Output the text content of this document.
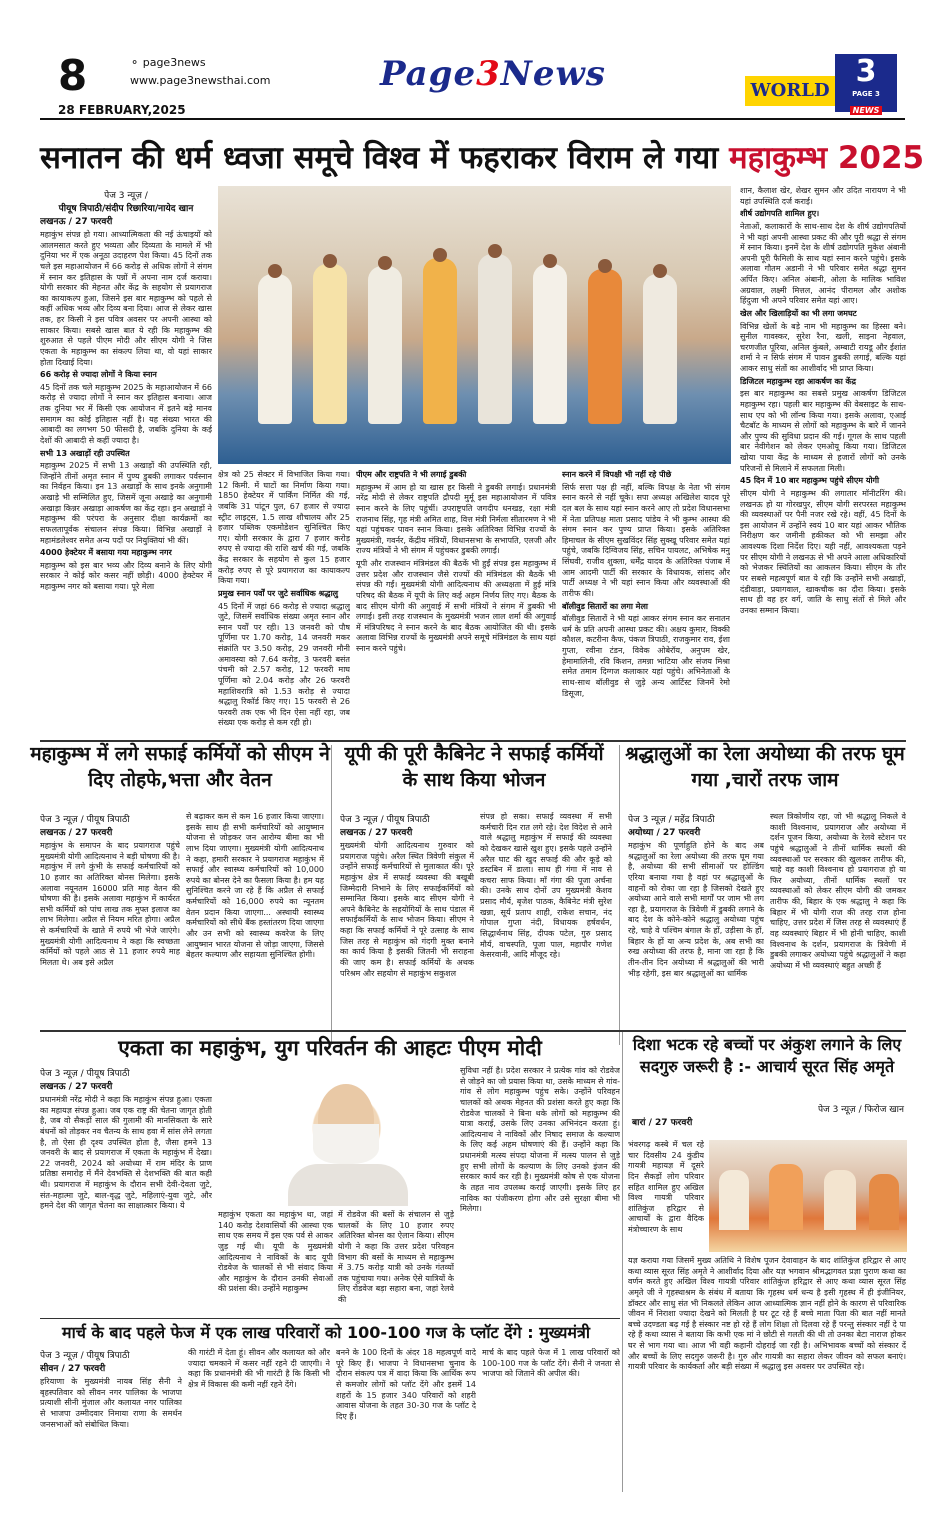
8	⚬ page3news
www.page3newsthai.com
28 FEBRUARY,2025
Page3News	WORLD
3
PAGE 3
NEWS
सनातन की धर्म ध्वजा समूचे विश्व में फहराकर विराम ले गया महाकुम्भ 2025
पेज 3 न्यूज़ /
पीयूष त्रिपाठी/संदीप रिछारिया/नायेद खान
लखनऊ / 27 फरवरी

महाकुंभ संपन्न हो गया। आध्यात्मिकता की नई ऊंचाइयों को आलमसात करते हुए भव्यता और दिव्यता के मामले में भी दुनिया भर में एक अनूठा उदाहरण पेश किया। 45 दिनों तक चले इस महाआयोजन में 66 करोड़ से अधिक लोगों ने संगम में स्नान कर इतिहास के पन्नों में अपना नाम दर्ज कराया। योगी सरकार की मेहनत और केंद्र के सहयोग से प्रयागराज का कायाकल्प हुआ, जिसने इस बार महाकुम्भ को पहले से कहीं अधिक भव्य और दिव्य बना दिया। आज से लेकर खास तक, हर किसी ने इस पवित्र अवसर पर अपनी आस्था को साकार किया। सबसे खास बात ये रही कि महाकुम्भ की शुरुआत से पहले पीएम मोदी और सीएम योगी ने जिस एकता के महाकुम्भ का संकल्प लिया था, वो यहां साकार होता दिखाई दिया।

66 करोड़ से ज्यादा लोगों ने किया स्नान

45 दिनों तक चले महाकुम्भ 2025 के महाआयोजन में 66 करोड़ से ज्यादा लोगों ने स्नान कर इतिहास बनाया। आज तक दुनिया भर में किसी एक आयोजन में इतने बड़े मानव समागम का कोई इतिहास नहीं है। यह संख्या भारत की आबादी का लगभग 50 फीसदी है, जबकि दुनिया के कई देशों की आबादी से कहीं ज्यादा है।

सभी 13 अखाड़ों रही उपस्थित

महाकुम्भ 2025 में सभी 13 अखाड़ों की उपस्थिति रही, जिन्होंने तीनों अमृत स्नान में पुण्य डुबकी लगाकर पर्वस्नान का निर्वहन किया। इन 13 अखाड़ों के साथ इनके अनुगामी अखाड़े भी सम्मिलित हुए, जिसमें जूना अखाड़े का अनुगामी अखाड़ा किन्नर अखाड़ा आकर्षण का केंद्र रहा। इन अखाड़ों ने महाकुम्भ की परंपरा के अनुसार दीक्षा कार्यक्रमों का सफलतापूर्वक संचालन संपन्न किया। विभिन्न अखाड़ों ने महामंडलेश्वर समेत अन्य पदों पर नियुक्तियां भी कीं।

4000 हेक्टेयर में बसाया गया महाकुम्भ नगर

महाकुम्भ को इस बार भव्य और दिव्य बनाने के लिए योगी सरकार ने कोई कोर कसर नहीं छोड़ी। 4000 हेक्टेयर में महाकुम्भ नगर को बसाया गया। पूरे मेला

क्षेत्र को 25 सेक्टर में विभाजित किया गया। 12 किमी. में घाटों का निर्माण किया गया। 1850 हेक्टेयर में पार्किंग निर्मित की गई, जबकि 31 पांटून पुल, 67 हजार से ज्यादा स्ट्रीट लाइट्स, 1.5 लाख शौचालय और 25 हजार पब्लिक एकमोडेशन सुनिश्चित किए गए। योगी सरकार के द्वारा 7 हजार करोड़ रुपए से ज्यादा की राशि खर्च की गई, जबकि केंद्र सरकार के सहयोग से कुल 15 हजार करोड़ रुपए से पूरे प्रयागराज का कायाकल्प किया गया।

प्रमुख स्नान पर्वों पर जुटे सर्वाधिक श्रद्धालु

45 दिनों में जहां 66 करोड़ से ज्यादा श्रद्धालु जुटे, जिसमें सर्वाधिक संख्या अमृत स्नान और स्नान पर्वों पर रही। 13 जनवरी को पौष पूर्णिमा पर 1.70 करोड़, 14 जनवरी मकर संक्रांति पर 3.50 करोड़, 29 जनवरी मौनी अमावस्या को 7.64 करोड़, 3 फरवरी बसंत पंचमी को 2.57 करोड़, 12 फरवरी माघ पूर्णिमा को 2.04 करोड़ और 26 फरवरी महाशिवरात्रि को 1.53 करोड़ से ज्यादा श्रद्धालु रिकॉर्ड किए गए। 15 फरवरी से 26 फरवरी तक एक भी दिन ऐसा नहीं रहा, जब संख्या एक करोड़ से कम रही हो।

पीएम और राष्ट्रपति ने भी लगाई डुबकी

महाकुम्भ में आम हो या खास हर किसी ने डुबकी लगाई। प्रधानमंत्री नरेंद्र मोदी से लेकर राष्ट्रपति द्रौपदी मुर्मू इस महाआयोजन में पवित्र स्नान करने के लिए पहुंचीं। उपराष्ट्रपति जगदीप धनखड़, रक्षा मंत्री राजनाथ सिंह, गृह मंत्री अमित शाह, वित्त मंत्री निर्मला सीतारमण ने भी यहां पहुंचकर पावन स्नान किया। इसके अतिरिक्त विभिन्न राज्यों के मुख्यमंत्री, गवर्नर, केंद्रीय मंत्रियों, विधानसभा के सभापति, एलजी और राज्य मंत्रियों ने भी संगम में पहुंचकर डुबकी लगाई।

यूपी और राजस्थान मंत्रिमंडल की बैठकें भी हुईं संपन्न इस महाकुम्भ में उत्तर प्रदेश और राजस्थान जैसे राज्यों की मंत्रिमंडल की बैठकें भी संपन्न की गईं। मुख्यमंत्री योगी आदित्यनाथ की अध्यक्षता में हुई मंत्रि परिषद की बैठक में यूपी के लिए कई अहम निर्णय लिए गए। बैठक के बाद सीएम योगी की अगुवाई में सभी मंत्रियों ने संगम में डुबकी भी लगाई। इसी तरह राजस्थान के मुख्यमंत्री भजन लाल शर्मा की अगुवाई में मंत्रिपरिषद ने स्नान करने के बाद बैठक आयोजित की थी। इसके अलावा विभिन्न राज्यों के मुख्यमंत्री अपने समूचे मंत्रिमंडल के साथ यहां स्नान करने पहुंचे।

स्नान करने में विपक्षी भी नहीं रहे पीछे

सिर्फ सत्ता पक्ष ही नहीं, बल्कि विपक्ष के नेता भी संगम स्नान करने से नहीं चूके। सपा अध्यक्ष अखिलेश यादव पूरे दल बल के साथ यहां स्नान करने आए तो प्रदेश विधानसभा में नेता प्रतिपक्ष माता प्रसाद पांडेय ने भी कुम्भ आस्था की संगम स्नान कर पुण्य प्राप्त किया। इसके अतिरिक्त हिमाचल के सीएम सुखविंदर सिंह सुक्खू परिवार समेत यहां पहुंचे, जबकि दिग्विजय सिंह, सचिन पायलट, अभिषेक मनु सिंघवी, राजीव शुक्ला, धर्मेंद्र यादव के अतिरिक्त पंजाब में आम आदमी पार्टी की सरकार के विधायक, सांसद और पार्टी अध्यक्ष ने भी यहां स्नान किया और व्यवस्थाओं की तारीफ की।

बॉलीवुड सितारों का लगा मेला

बॉलीवुड सितारों ने भी यहां आकर संगम स्नान कर सनातन धर्म के प्रति अपनी आस्था प्रकट की। अक्षय कुमार, विक्की कौशल, कटरीना कैफ, पंकज त्रिपाठी, राजकुमार राव, ईशा गुप्ता, रवीना टंडन, विवेक ओबेरॉय, अनुपम खेर, हेमामालिनी, रवि किशन, तमन्ना भाटिया और संजय मिश्रा समेत तमाम दिग्गज कलाकार यहां पहुंचे। अभिनेताओं के साथ-साथ बॉलीवुड से जुड़े अन्य आर्टिस्ट जिनमें रेमो डिसूजा,

शान, कैलाश खेर, शेखर सुमन और उदित नारायण ने भी यहां उपस्थिति दर्ज कराई।

शीर्ष उद्योगपति शामिल हुए।

नेताओं, कलाकारों के साथ-साथ देश के शीर्ष उद्योगपतियों ने भी यहां अपनी आस्था प्रकट की और पूरी श्रद्धा से संगम में स्नान किया। इनमें देश के शीर्ष उद्योगपति मुकेश अंबानी अपनी पूरी फैमिली के साथ यहां स्नान करने पहुंचे। इसके अलावा गौतम अडानी ने भी परिवार समेत श्रद्धा सुमन अर्पित किए। अनिल अंबानी, ओला के मालिक भाविश अग्रवाल, लक्ष्मी मित्तल, आनंद पीरामल और अशोक हिंदुजा भी अपने परिवार समेत यहां आए।

खेल और खिलाड़ियों का भी लगा जमघट

विभिन्न खेलों के बड़े नाम भी महाकुम्भ का हिस्सा बने। सुनील गावस्कर, सुरेश रैना, खली, साइना नेहवाल, चरणजीत पूरिया, अनिल कुंबले, अम्बाटी रायडू और ईशांत शर्मा ने न सिर्फ संगम में पावन डुबकी लगाई, बल्कि यहां आकर साधु संतों का आशीर्वाद भी प्राप्त किया।

डिजिटल महाकुम्भ रहा आकर्षण का केंद्र

इस बार महाकुम्भ का सबसे प्रमुख आकर्षण डिजिटल महाकुम्भ रहा। पहली बार महाकुम्भ की वेबसाइट के साथ-साथ एप को भी लॉन्च किया गया। इसके अलावा, एआई चैटबॉट के माध्यम से लोगों को महाकुम्भ के बारे में जानने और पुण्य की सुविधा प्रदान की गई। गूगल के साथ पहली बार नेवीगेशन को लेकर एमओयू किया गया। डिजिटल खोया पाया केंद्र के माध्यम से हजारों लोगों को उनके परिजनों से मिलाने में सफलता मिली।

45 दिन में 10 बार महाकुम्भ पहुंचे सीएम योगी

सीएम योगी ने महाकुम्भ की लगातार मॉनीटरिंग की। लखनऊ हो या गोरखपुर, सीएम योगी सरपरस्त महाकुम्भ की व्यवस्थाओं पर पैनी नजर रखे रहे। वहीं, 45 दिनों के इस आयोजन में उन्होंने स्वयं 10 बार यहां आकर भौतिक निरीक्षण कर जमीनी हकीकत को भी समझा और आवश्यक दिशा निर्देश दिए। यही नहीं, आवश्यकता पड़ने पर सीएम योगी ने लखनऊ से भी अपने आला अधिकारियों को भेजकर स्थितियों का आकलन किया। सीएम के तौर पर सबसे महत्वपूर्ण बात ये रही कि उन्होंने सभी अखाड़ों, दंडीवाड़ा, प्रयागवाल, खाकचौक का दौरा किया। इसके साथ ही वह हर वर्ग, जाति के साधु संतों से मिले और उनका सम्मान किया।

महाकुम्भ में लगे सफाई कर्मियों को सीएम ने दिए तोहफे,भत्ता और वेतन
पेज 3 न्यूज़ / पीयूष त्रिपाठी
लखनऊ / 27 फरवरी

महाकुंभ के समापन के बाद प्रयागराज पहुंचे मुख्यमंत्री योगी आदित्यनाथ ने बड़ी घोषणा की है। महाकुंभ में लगे कुंभी के सफाई कर्मचारियों को 10 हजार का अतिरिक्त बोनस मिलेगा। इसके अलावा नयूनतम 16000 प्रति माह वेतन की घोषणा की है। इसके अलावा महाकुंभ में कार्यरत सभी कर्मियों को पांच लाख तक मुफ्त इलाज का लाभ मिलेगा। अप्रैल से नियम मरित होगा। अप्रैल से कर्मचारियों के खाते में रुपये भी भेजे जाएंगे। मुख्यमंत्री योगी आदित्यनाथ ने कहा कि स्वच्छता कर्मियों को पहले आठ से 11 हजार रुपये माह मिलता थे। अब इसे अप्रैल

से बढ़ाकर कम से कम 16 हजार किया जाएगा। इसके साथ ही सभी कर्मचारियों को आयुष्मान योजना से जोड़कर जन आरोग्य बीमा का भी लाभ दिया जाएगा। मुख्यमंत्री योगी आदित्यनाथ ने कहा, हमारी सरकार ने प्रयागराज महाकुंभ में सफाई और स्वास्थ्य कर्मचारियों को 10,000 रुपये का बोनस देने का फैसला किया है। हम यह सुनिश्चित करने जा रहे हैं कि अप्रैल से सफाई कर्मचारियों को 16,000 रुपये का न्यूनतम वेतन प्रदान किया जाएगा... अस्थायी स्वास्थ्य कर्मचारियों को सीधे बैंक हस्तांतरण दिया जाएगा और उन सभी को स्वास्थ्य कवरेज के लिए आयुष्मान भारत योजना से जोड़ा जाएगा, जिससे बेहतर कल्याण और सहायता सुनिश्चित होगी।

यूपी की पूरी कैबिनेट ने सफाई कर्मियों के साथ किया भोजन
पेज 3 न्यूज़ / पीयूष त्रिपाठी
लखनऊ / 27 फरवरी

मुख्यमंत्री योगी आदित्यनाथ गुरुवार को प्रयागराज पहुंचे। अरैल स्थित त्रिवेणी संकुल में उन्होंने सफाई कर्मचारियों से मुलाकात की। पूरे महाकुंभ क्षेत्र में सफाई व्यवस्था की बखूबी जिम्मेदारी निभाने के लिए सफाईकर्मियों को सम्मानित किया। इसके बाद सीएम योगी ने अपने कैबिनेट के सहयोगियों के साथ पंडाल में सफाईकर्मियों के साथ भोजन किया। सीएम ने कहा कि सफाई कर्मियों ने पूरे उत्साह के साथ जिस तरह से महाकुंभ को गंदगी मुक्त बनाने का कार्य किया है इसकी जितनी भी सराहना की जाए कम है। सफाई कर्मियों के अथक परिश्रम और सहयोग से महाकुंभ सकुशल

संपन्न हो सका। सफाई व्यवस्था में सभी कर्मचारी दिन रात लगे रहे। देश विदेश से आने वाले श्रद्धालु महाकुंभ में सफाई की व्यवस्था को देखकर खासे खुश हुए। इसके पहले उन्होंने अरैल घाट की खुद सफाई की और कूड़े को डस्टबिन में डाला। साथ ही गंगा में नाव से कचरा साफ किया। माँ गंगा की पूजा अर्चना की। उनके साथ दोनों उप मुख्यमंत्री केशव प्रसाद मौर्य, बृजेश पाठक, कैबिनेट मंत्री सुरेश खन्ना, सूर्य प्रताप शाही, राकेश सचान, नंद गोपाल गुप्ता नंदी, विधायक हर्षवर्धन, सिद्धार्थनाथ सिंह, दीपक पटेल, गुरु प्रसाद मौर्य, वाचस्पति, पूजा पाल, महापौर गणेश केसरवानी, आदि मौजूद रहे।

श्रद्धालुओं का रेला अयोध्या की तरफ घूम गया ,चारों तरफ जाम
पेज 3 न्यूज़ / महेंद्र त्रिपाठी
अयोध्या / 27 फरवरी

महाकुंभ की पूर्णाहुति होने के बाद अब श्रद्धालुओं का रेला अयोध्या की तरफ घूम गया है, अयोध्या की सभी सीमाओं पर होल्डिंग एरिया बनाया गया है वहां पर श्रद्धालुओं के वाहनों को रोका जा रहा है जिसको देखते हुए अयोध्या आने वाले सभी मार्गों पर जाम भी लग रहा है, प्रयागराज के त्रिवेणी में डुबकी लगाने के बाद देश के कोने-कोने श्रद्धालु अयोध्या पहुंच रहे, चाहे वे पश्चिम बंगाल के हों, उड़ीसा के हों, बिहार के हों या अन्य प्रदेश के, अब सभी का रुख अयोध्या की तरफ है, माना जा रहा है कि तीन-तीन दिन अयोध्या में श्रद्धालुओं की भारी भीड़ रहेगी, इस बार श्रद्धालुओं का धार्मिक

स्थल त्रिकोणीय रहा, जो भी श्रद्धालु निकले वे काशी विश्वनाथ, प्रयागराज और अयोध्या में दर्शन पूजन किया, अयोध्या के रेलवे स्टेशन पर पहुंचे श्रद्धालुओं ने तीनों धार्मिक स्थलों की व्यवस्थाओं पर सरकार की खुलकर तारीफ की, चाहे वह काशी विश्वनाथ हो प्रयागराज हो या फिर अयोध्या, तीनों धार्मिक स्थलों पर व्यवस्थाओं को लेकर सीएम योगी की जमकर तारीफ की, बिहार के एक श्रद्धालु ने कहा कि बिहार में भी योगी राज की तरह राज होना चाहिए, उत्तर प्रदेश में जिस तरह से व्यवस्थाएं हैं वह व्यवस्थाएं बिहार में भी होनी चाहिए, काशी विश्वनाथ के दर्शन, प्रयागराज के त्रिवेणी में डुबकी लगाकर अयोध्या पहुंचे श्रद्धालुओं ने कहा अयोध्या में भी व्यवस्थाएं बहुत अच्छी हैं

एकता का महाकुंभ, युग परिवर्तन की आहटः पीएम मोदी
पेज 3 न्यूज़ / पीयूष त्रिपाठी
लखनऊ / 27 फरवरी

प्रधानमंत्री नरेंद्र मोदी ने कहा कि महाकुंभ संपन्न हुआ। एकता का महायज्ञ संपन्न हुआ। जब एक राष्ट्र की चेतना जागृत होती है, जब वो सैकड़ों साल की गुलामी की मानसिकता के सारे बंधनों को तोड़कर नव चैतन्य के साथ हवा में सांस लेने लगता है, तो ऐसा ही दृश्य उपस्थित होता है, जैसा हमने 13 जनवरी के बाद से प्रयागराज में एकता के महाकुंभ में देखा। 22 जनवरी, 2024 को अयोध्या में राम मंदिर के प्राण प्रतिष्ठा समारोह में मैंने देवभक्ति से देशभक्ति की बात कही थी। प्रयागराज में महाकुंभ के दौरान सभी देवी-देवता जुटे, संत-महात्मा जुटे, बाल-वृद्ध जुटे, महिलाएं-युवा जुटे, और हमने देश की जागृत चेतना का साक्षात्कार किया। ये

महाकुंभ एकता का महाकुंभ था, जहां 140 करोड़ देशवासियों की आस्था एक साथ एक समय में इस एक पर्व से आकर जुड़ गई थी। यूपी के मुख्यमंत्री आदित्यनाथ ने नाविकों के बाद यूपी रोडवेज के चालकों से भी संवाद किया और महाकुंभ के दौरान उनकी सेवाओं की प्रशंसा की। उन्होंने महाकुम्भ

में रोडवेज की बसों के संचालन से जुड़े चालकों के लिए 10 हजार रुपए अतिरिक्त बोनस का ऐलान किया। सीएम योगी ने कहा कि उत्तर प्रदेश परिवहन विभाग की बसों के माध्यम से महाकुम्भ में 3.75 करोड़ यात्री को उनके गंतव्यों तक पहुंचाया गया। अनेक ऐसे यात्रियों के लिए रोडवेज बड़ा सहारा बना, जहां रेलवे की

सुविधा नहीं है। प्रदेश सरकार ने प्रत्येक गांव को रोडवेज से जोड़ने का जो प्रयास किया था, उसके माध्यम से गांव-गांव से लोग महाकुम्भ पहुंच सके। उन्होंने परिवहन चालकों को अथक मेहनत की प्रशंसा करते हुए कहा कि रोडवेज चालकों ने बिना थके लोगों को महाकुम्भ की यात्रा कराई, उसके लिए उनका अभिनंदन करता हूं। आदित्यनाथ ने नाविकों और निषाद समाज के कल्याण के लिए कई अहम घोषणाएं की हैं। उन्होंने कहा कि प्रधानमंत्री मत्स्य संपदा योजना में मत्स्य पालन से जुड़े हुए सभी लोगों के कल्याण के लिए उनको इंजन की सरकार कार्य कर रही है। मुख्यमंत्री कोष से एक योजना के तहत नाव उपलब्ध कराई जाएगी। इसके लिए हर नाविक का पंजीकरण होगा और उसे सुरक्षा बीमा भी मिलेगा।

दिशा भटक रहे बच्चों पर अंकुश लगाने के लिए सदगुरु जरूरी है :- आचार्य सूरत सिंह अमृते
पेज 3 न्यूज़ / फिरोज खान
बारां / 27 फरवरी

भंवरगढ़ कस्बे में चल रहे चार दिवसीय 24 कुंडीय गायत्री महायज्ञ में दूसरे दिन सैकड़ों लोग परिवार सहित शामिल हुए अखिल विश्व गायत्री परिवार शांतिकुंज हरिद्वार से आचार्यों के द्वारा वैदिक मंत्रोच्चारण के साथ

यज्ञ कराया गया जिसमें मुख्य अतिथि ने विशेष पूजन देवावाहन के बाद शांतिकुंज हरिद्वार से आए कथा व्यास सूरत सिंह अमृते ने आशीर्वाद दिया और यज्ञ भगवान श्रीमद्भागवत प्रज्ञा पुराण कथा का वर्णन करते हुए अखिल विश्व गायत्री परिवार शांतिकुंज हरिद्वार से आए कथा व्यास सूरत सिंह अमृते जी ने गृहस्थाश्रम के संबंध में बताया कि गृहस्थ धर्म धन्य है इसी गृहस्थ में ही इंजीनियर, डॉक्टर और साधु संत भी निकलते लेकिन आज आध्यात्मिक ज्ञान नहीं होने के कारण से परिवारिक जीवन में निराशा ज्यादा देखने को मिलती है घर टूट रहे हैं बच्चे माता पिता की बात नहीं मानते बच्चे उदण्डता बढ़ गई है संस्कार नष्ट हो रहे हैं लोग शिक्षा तो दिलवा रहे हैं परन्तु संस्कार नहीं दे पा रहे हैं कथा व्यास ने बताया कि कभी एक मां ने छोटी से गलती की थी तो उनका बेटा नाराज होकर घर से भाग गया था। आज भी वही कहानी दोहराई जा रही है। अभिभावक बच्चों को संस्कार दें और बच्चों के लिए सदगुरु जरूरी है। गुरु और गायत्री का सहारा लेकर जीवन को सफल बनाएं। गायत्री परिवार के कार्यकर्ता और बड़ी संख्या में श्रद्धालु इस अवसर पर उपस्थित रहे।

मार्च के बाद पहले फेज में एक लाख परिवारों को 100-100 गज के प्लॉट देंगे : मुख्यमंत्री
पेज 3 न्यूज़ / पीयूष त्रिपाठी
सीवन / 27 फरवरी

हरियाणा के मुख्यमंत्री नायब सिंह सैनी ने बृहस्पतिवार को सीवन नगर पालिका के भाजपा प्रत्याशी सीनी मुंजाल और कलायत नगर पालिका से भाजपा उम्मीदवार निमाया राणा के समर्थन जनसभाओं को संबोधित किया।

की गारंटी में देता हूं। सीवन और कलायत को और ज्यादा चमकाने में कसर नहीं रहने दी जाएगी। ने कहा कि प्रधानमंत्री की भी गारंटी है कि किसी भी क्षेत्र में विकास की कमी नहीं रहने देंगे।

बनने के 100 दिनों के अंदर 18 महत्वपूर्ण वादे पूरे किए हैं। भाजपा ने विधानसभा चुनाव के दौरान संकल्प पत्र में वादा किया कि आर्थिक रूप से कमजोर लोगों को प्लॉट देंगे और इसमें 14 शहरों के 15 हजार 340 परिवारों को शहरी आवास योजना के तहत 30-30 गज के प्लॉट दे दिए हैं।

मार्च के बाद पहले फेज में 1 लाख परिवारों को 100-100 गज के प्लॉट देंगे। सैनी ने जनता से भाजपा को जिताने की अपील की।
